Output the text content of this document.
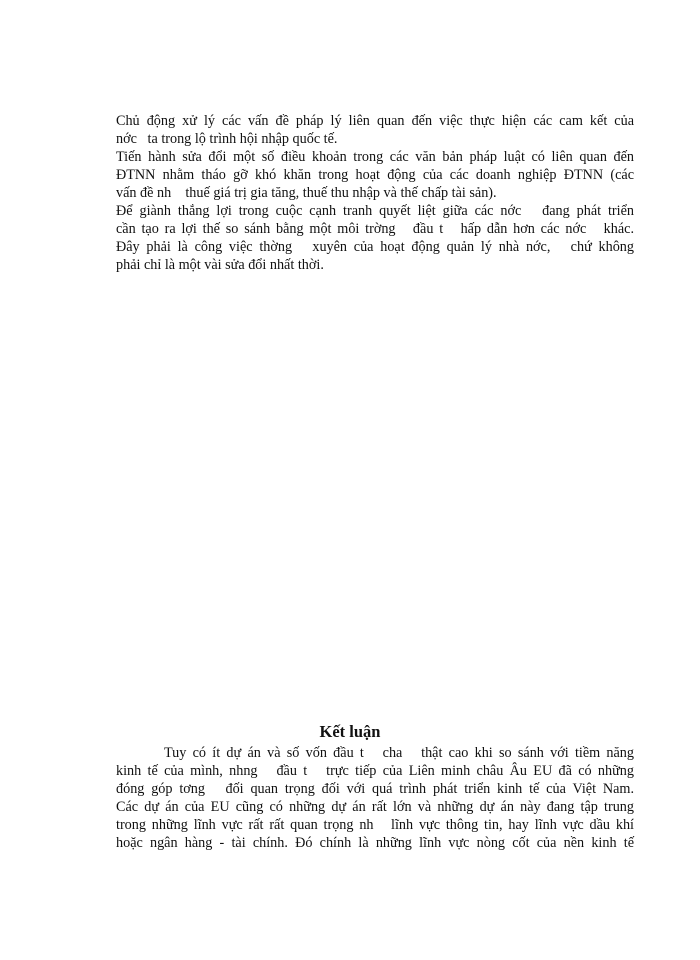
Chủ động xử lý các vấn đề pháp lý liên quan đến việc thực hiện các cam kết của
nớc   ta trong lộ trình hội nhập quốc tế.
Tiến hành sửa đổi một số điều khoản trong các văn bản pháp luật có liên quan đến
ĐTNN nhằm tháo gỡ khó khăn trong hoạt động của các doanh nghiệp ĐTNN (các
vấn đề nh    thuế giá trị gia tăng, thuế thu nhập và thế chấp tài sản).
Để giành thắng lợi trong cuộc cạnh tranh quyết liệt giữa các nớc   đang phát triển
cần tạo ra lợi thế so sánh bằng một môi trờng   đầu t   hấp dẫn hơn các nớc   khác.
Đây phải là công việc thờng   xuyên của hoạt động quản lý nhà nớc,   chứ không
phải chỉ là một vài sửa đổi nhất thời.
Kết luận
Tuy có ít dự án và số vốn đầu t   cha   thật cao khi so sánh với tiềm năng
kinh tế của mình, nhng   đầu t   trực tiếp của Liên minh châu Âu EU đã có những
đóng góp tơng   đối quan trọng đối với quá trình phát triển kinh tế của Việt Nam.
Các dự án của EU cũng có những dự án rất lớn và những dự án này đang tập trung
trong những lĩnh vực rất rất quan trọng nh   lĩnh vực thông tin, hay lĩnh vực dầu khí
hoặc ngân hàng - tài chính. Đó chính là những lĩnh vực nòng cốt của nền kinh tế
